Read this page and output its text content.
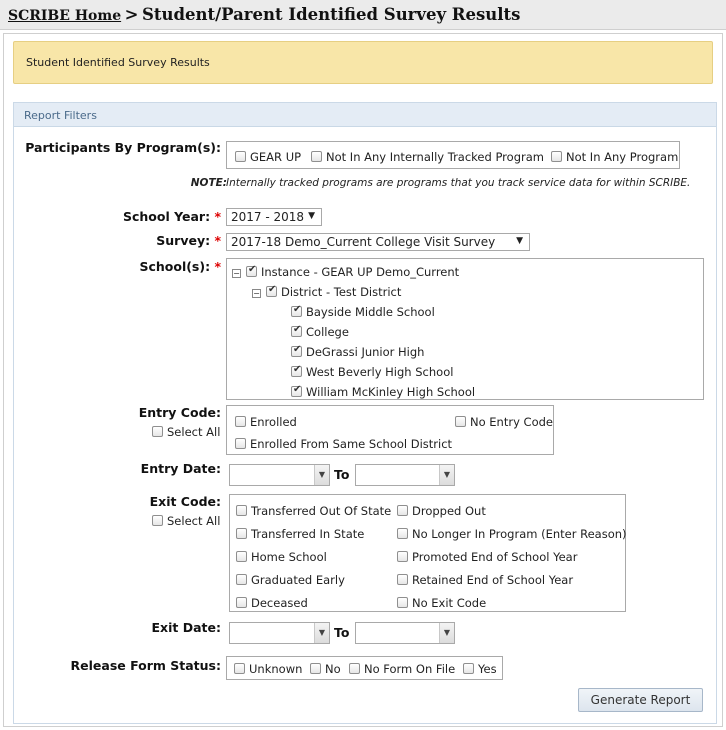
SCRIBE Home > Student/Parent Identified Survey Results
Student Identified Survey Results
Report Filters
Participants By Program(s):
GEAR UP	Not In Any Internally Tracked Program	Not In Any Program
NOTE: Internally tracked programs are programs that you track service data for within SCRIBE.
School Year: * 2017 - 2018 ▼
Survey: * 2017-18 Demo_Current College Visit Survey ▼
School(s): * − ✔ Instance - GEAR UP Demo_Current
− ✔ District - Test District
✔Bayside Middle School
✔College
✔DeGrassi Junior High
✔West Beverly High School
✔William McKinley High School
Entry Code:
Select All
Enrolled	No Entry Code
Enrolled From Same School District
Entry Date:	▼ To	▼
Exit Code:
Select All
Transferred Out Of State	Dropped Out
Transferred In State	No Longer In Program (Enter Reason)
Home School	Promoted End of School Year
Graduated Early	Retained End of School Year
Deceased	No Exit Code
Exit Date:	▼ To	▼
Release Form Status:	Unknown	No	No Form On File	Yes
Generate Report
